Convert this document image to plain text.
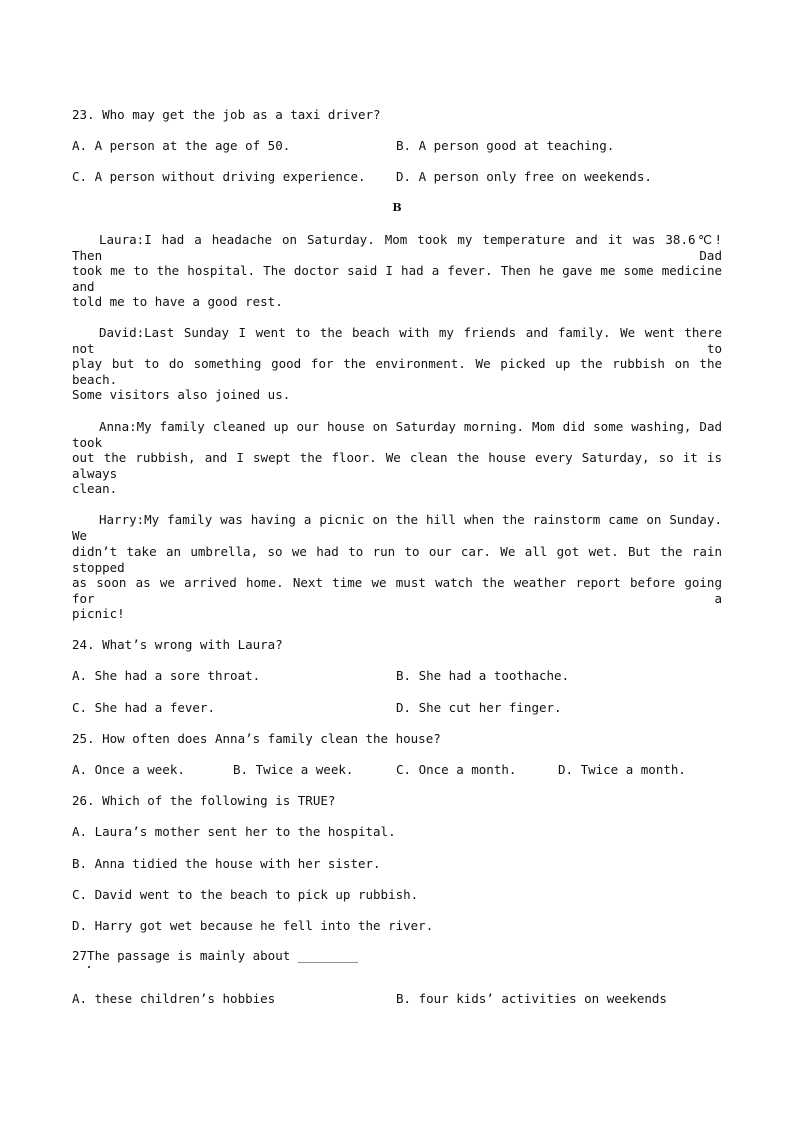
23. Who may get the job as a taxi driver?
A. A person at the age of 50.	B. A person good at teaching.
C. A person without driving experience. D. A person only free on weekends.
B
Laura:I had a headache on Saturday. Mom took my temperature and it was 38.6℃! Then Dad
took me to the hospital. The doctor said I had a fever. Then he gave me some medicine and
told me to have a good rest.
David:Last Sunday I went to the beach with my friends and family. We went there not to
play but to do something good for the environment. We picked up the rubbish on the beach.
Some visitors also joined us.
Anna:My family cleaned up our house on Saturday morning. Mom did some washing, Dad took
out the rubbish, and I swept the floor. We clean the house every Saturday, so it is always
clean.
Harry:My family was having a picnic on the hill when the rainstorm came on Sunday. We
didn’t take an umbrella, so we had to run to our car. We all got wet. But the rain stopped
as soon as we arrived home. Next time we must watch the weather report before going for a
picnic!
24. What’s wrong with Laura?
A. She had a sore throat.	B. She had a toothache.
C. She had a fever.	D. She cut her finger.
25. How often does Anna’s family clean the house?
A. Once a week.	B. Twice a week.	C. Once a month.	D. Twice a month.
26. Which of the following is TRUE?
A. Laura’s mother sent her to the hospital.
B. Anna tidied the house with her sister.
C. David went to the beach to pick up rubbish.
D. Harry got wet because he fell into the river.
27The passage is mainly about ________
A. these children’s hobbies	B. four kids’ activities on weekends
